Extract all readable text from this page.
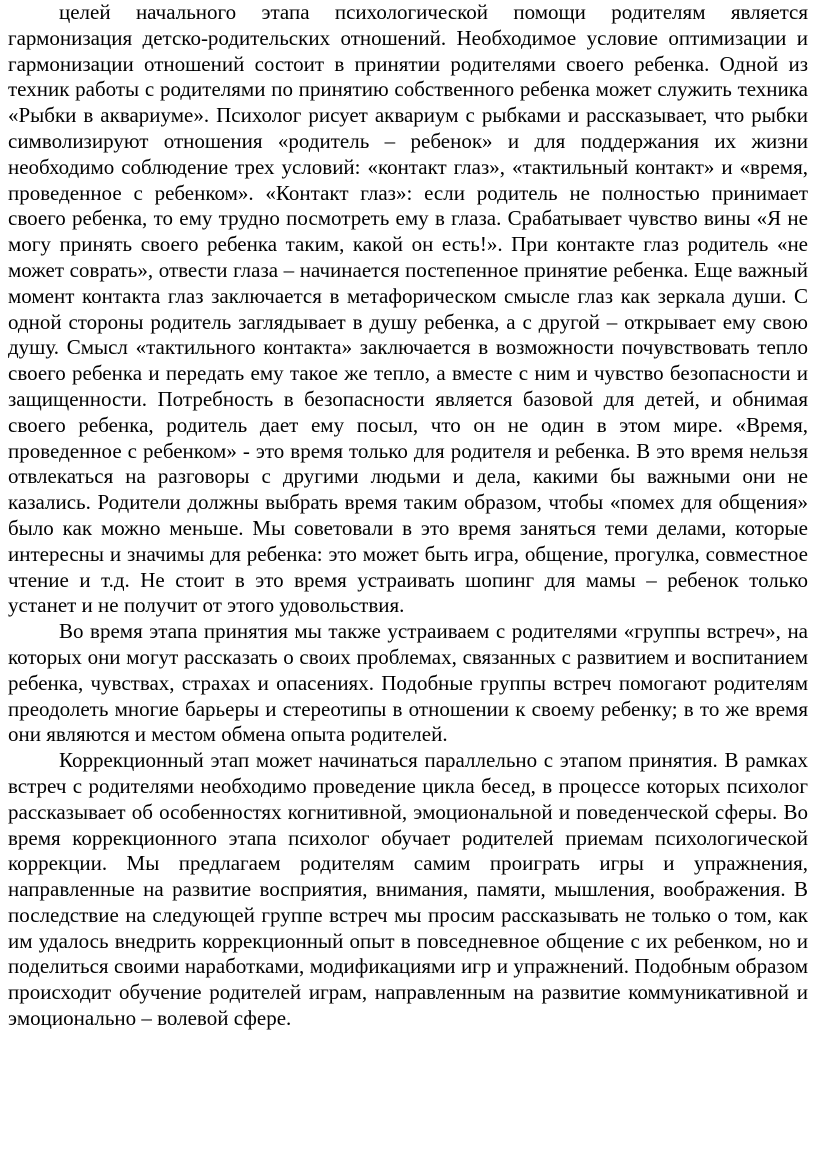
целей начального этапа психологической помощи родителям является гармонизация детско-родительских отношений. Необходимое условие оптимизации и гармонизации отношений состоит в принятии родителями своего ребенка. Одной из техник работы с родителями по принятию собственного ребенка может служить техника «Рыбки в аквариуме». Психолог рисует аквариум с рыбками и рассказывает, что рыбки символизируют отношения «родитель – ребенок» и для поддержания их жизни необходимо соблюдение трех условий: «контакт глаз», «тактильный контакт» и «время, проведенное с ребенком». «Контакт глаз»: если родитель не полностью принимает своего ребенка, то ему трудно посмотреть ему в глаза. Срабатывает чувство вины «Я не могу принять своего ребенка таким, какой он есть!». При контакте глаз родитель «не может соврать», отвести глаза – начинается постепенное принятие ребенка. Еще важный момент контакта глаз заключается в метафорическом смысле глаз как зеркала души. С одной стороны родитель заглядывает в душу ребенка, а с другой – открывает ему свою душу. Смысл «тактильного контакта» заключается в возможности почувствовать тепло своего ребенка и передать ему такое же тепло, а вместе с ним и чувство безопасности и защищенности. Потребность в безопасности является базовой для детей, и обнимая своего ребенка, родитель дает ему посыл, что он не один в этом мире. «Время, проведенное с ребенком» - это время только для родителя и ребенка. В это время нельзя отвлекаться на разговоры с другими людьми и дела, какими бы важными они не казались. Родители должны выбрать время таким образом, чтобы «помех для общения» было как можно меньше. Мы советовали в это время заняться теми делами, которые интересны и значимы для ребенка: это может быть игра, общение, прогулка, совместное чтение и т.д. Не стоит в это время устраивать шопинг для мамы – ребенок только устанет и не получит от этого удовольствия.

Во время этапа принятия мы также устраиваем с родителями «группы встреч», на которых они могут рассказать о своих проблемах, связанных с развитием и воспитанием ребенка, чувствах, страхах и опасениях. Подобные группы встреч помогают родителям преодолеть многие барьеры и стереотипы в отношении к своему ребенку; в то же время они являются и местом обмена опыта родителей.

Коррекционный этап может начинаться параллельно с этапом принятия. В рамках встреч с родителями необходимо проведение цикла бесед, в процессе которых психолог рассказывает об особенностях когнитивной, эмоциональной и поведенческой сферы. Во время коррекционного этапа психолог обучает родителей приемам психологической коррекции. Мы предлагаем родителям самим проиграть игры и упражнения, направленные на развитие восприятия, внимания, памяти, мышления, воображения. В последствие на следующей группе встреч мы просим рассказывать не только о том, как им удалось внедрить коррекционный опыт в повседневное общение с их ребенком, но и поделиться своими наработками, модификациями игр и упражнений. Подобным образом происходит обучение родителей играм, направленным на развитие коммуникативной и эмоционально – волевой сфере.
